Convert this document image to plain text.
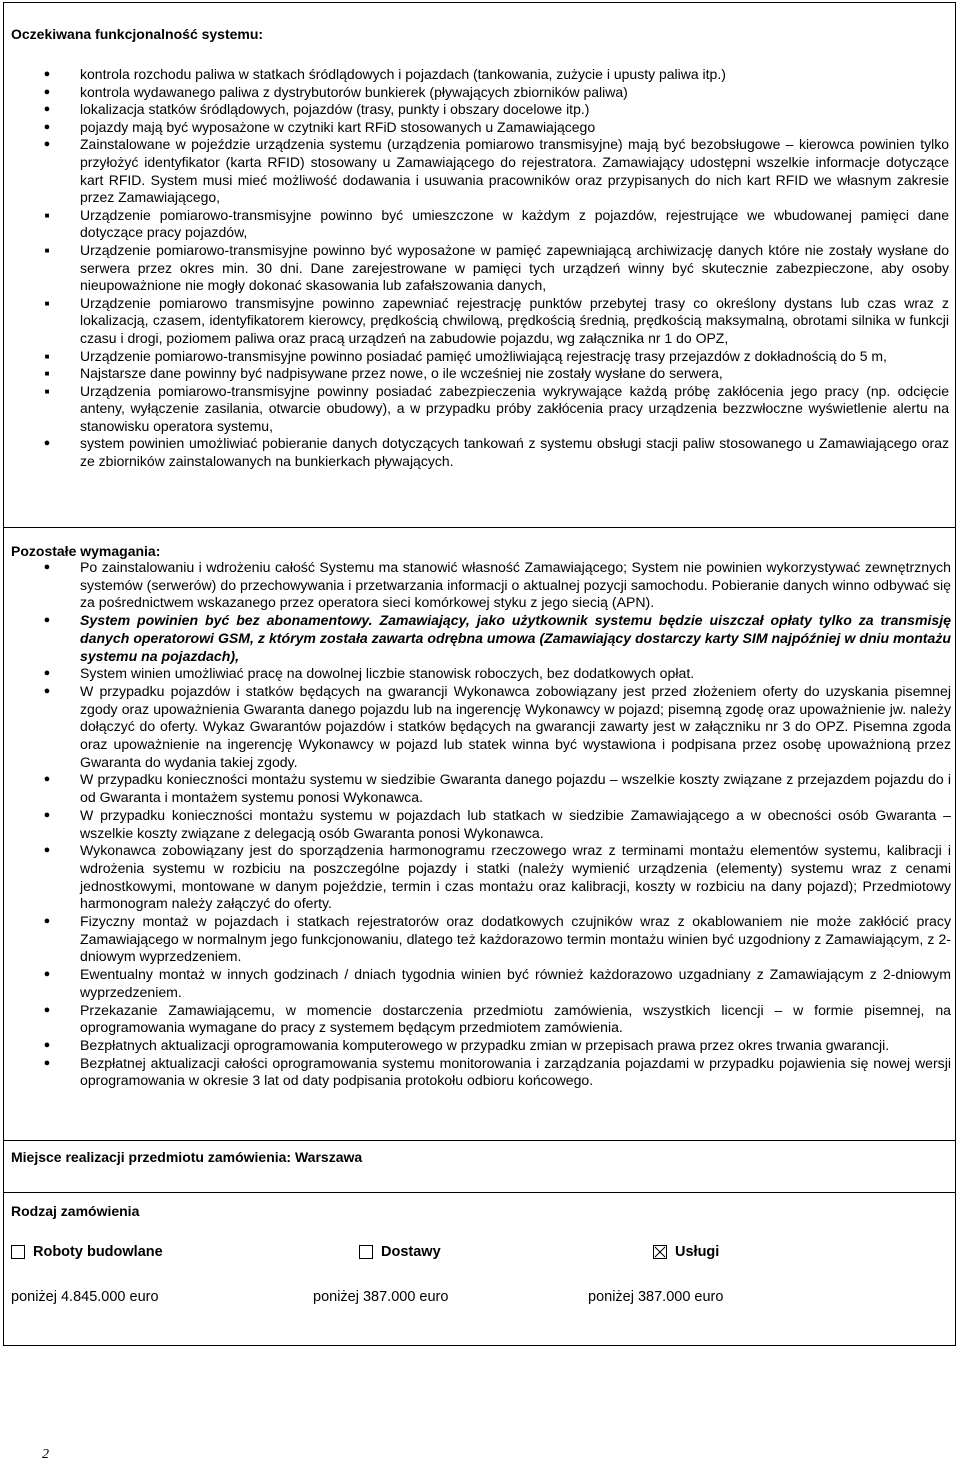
Oczekiwana funkcjonalność systemu:
● kontrola rozchodu paliwa w statkach śródlądowych i pojazdach (tankowania, zużycie i upusty paliwa itp.)
● kontrola wydawanego paliwa z dystrybutorów bunkierek (pływających zbiorników paliwa)
● lokalizacja statków śródlądowych, pojazdów (trasy, punkty i obszary docelowe itp.)
● pojazdy mają być wyposażone w czytniki kart RFiD stosowanych u Zamawiającego
● Zainstalowane w pojeździe urządzenia systemu (urządzenia pomiarowo transmisyjne) mają być bezobsługowe – kierowca powinien tylko przyłożyć identyfikator (karta RFID) stosowany u Zamawiającego do rejestratora. Zamawiający udostępni wszelkie informacje dotyczące kart RFID. System musi mieć możliwość dodawania i usuwania pracowników oraz przypisanych do nich kart RFID we własnym zakresie przez Zamawiającego,
■	Urządzenie pomiarowo-transmisyjne powinno być umieszczone w każdym z pojazdów, rejestrujące we wbudowanej pamięci dane dotyczące pracy pojazdów,
■	Urządzenie pomiarowo-transmisyjne powinno być wyposażone w pamięć zapewniającą archiwizację danych które nie zostały wysłane do serwera przez okres min. 30 dni. Dane zarejestrowane w pamięci tych urządzeń winny być skutecznie zabezpieczone, aby osoby nieupoważnione nie mogły dokonać skasowania lub zafałszowania danych,
■	Urządzenie pomiarowo transmisyjne powinno zapewniać rejestrację punktów przebytej trasy co określony dystans lub czas wraz z lokalizacją, czasem, identyfikatorem kierowcy, prędkością chwilową, prędkością średnią, prędkością maksymalną, obrotami silnika w funkcji czasu i drogi, poziomem paliwa oraz pracą urządzeń na zabudowie pojazdu, wg załącznika nr 1 do OPZ,
■	Urządzenie pomiarowo-transmisyjne powinno posiadać pamięć umożliwiającą rejestrację trasy przejazdów z dokładnością do 5 m,
■	Najstarsze dane powinny być nadpisywane przez nowe, o ile wcześniej nie zostały wysłane do serwera,
■	Urządzenia pomiarowo-transmisyjne powinny posiadać zabezpieczenia wykrywające każdą próbę zakłócenia jego pracy (np. odcięcie anteny, wyłączenie zasilania, otwarcie obudowy), a w przypadku próby zakłócenia pracy urządzenia bezzwłoczne wyświetlenie alertu na stanowisku operatora systemu,
● system powinien umożliwiać pobieranie danych dotyczących tankowań z systemu obsługi stacji paliw stosowanego u Zamawiającego oraz ze zbiorników zainstalowanych na bunkierkach pływających.
Pozostałe wymagania:
● Po zainstalowaniu i wdrożeniu całość Systemu ma stanowić własność Zamawiającego; System nie powinien wykorzystywać zewnętrznych systemów (serwerów) do przechowywania i przetwarzania informacji o aktualnej pozycji samochodu. Pobieranie danych winno odbywać się za pośrednictwem wskazanego przez operatora sieci komórkowej styku z jego siecią (APN).
● System powinien być bez abonamentowy. Zamawiający, jako użytkownik systemu będzie uiszczał opłaty tylko za transmisję danych operatorowi GSM, z którym została zawarta odrębna umowa (Zamawiający dostarczy karty SIM najpóźniej w dniu montażu systemu na pojazdach),
● System winien umożliwiać pracę na dowolnej liczbie stanowisk roboczych, bez dodatkowych opłat.
● W przypadku pojazdów i statków będących na gwarancji Wykonawca zobowiązany jest przed złożeniem oferty do uzyskania pisemnej zgody oraz upoważnienia Gwaranta danego pojazdu lub na ingerencję Wykonawcy w pojazd; pisemną zgodę oraz upoważnienie jw. należy dołączyć do oferty. Wykaz Gwarantów pojazdów i statków będących na gwarancji zawarty jest w załączniku nr 3 do OPZ. Pisemna zgoda oraz upoważnienie na ingerencję Wykonawcy w pojazd lub statek winna być wystawiona i podpisana przez osobę upoważnioną przez Gwaranta do wydania takiej zgody.
● W przypadku konieczności montażu systemu w siedzibie Gwaranta danego pojazdu – wszelkie koszty związane z przejazdem pojazdu do i od Gwaranta i montażem systemu ponosi Wykonawca.
● W przypadku konieczności montażu systemu w pojazdach lub statkach w siedzibie Zamawiającego a w obecności osób Gwaranta – wszelkie koszty związane z delegacją osób Gwaranta ponosi Wykonawca.
● Wykonawca zobowiązany jest do sporządzenia harmonogramu rzeczowego wraz z terminami montażu elementów systemu, kalibracji i wdrożenia systemu w rozbiciu na poszczególne pojazdy i statki (należy wymienić urządzenia (elementy) systemu wraz z cenami jednostkowymi, montowane w danym pojeździe, termin i czas montażu oraz kalibracji, koszty w rozbiciu na dany pojazd); Przedmiotowy harmonogram należy załączyć do oferty.
● Fizyczny montaż w pojazdach i statkach rejestratorów oraz dodatkowych czujników wraz z okablowaniem nie może zakłócić pracy Zamawiającego w normalnym jego funkcjonowaniu, dlatego też każdorazowo termin montażu winien być uzgodniony z Zamawiającym, z 2-dniowym wyprzedzeniem.
● Ewentualny montaż w innych godzinach / dniach tygodnia winien być również każdorazowo uzgadniany z Zamawiającym z 2-dniowym wyprzedzeniem.
● Przekazanie Zamawiającemu, w momencie dostarczenia przedmiotu zamówienia, wszystkich licencji – w formie pisemnej, na oprogramowania wymagane do pracy z systemem będącym przedmiotem zamówienia.
● Bezpłatnych aktualizacji oprogramowania komputerowego w przypadku zmian w przepisach prawa przez okres trwania gwarancji.
● Bezpłatnej aktualizacji całości oprogramowania systemu monitorowania i zarządzania pojazdami w przypadku pojawienia się nowej wersji oprogramowania w okresie 3 lat od daty podpisania protokołu odbioru końcowego.
Miejsce realizacji przedmiotu zamówienia: Warszawa
Rodzaj zamówienia
Roboty budowlane	Dostawy	Usługi
poniżej 4.845.000 euro	poniżej 387.000 euro	poniżej 387.000 euro
2
